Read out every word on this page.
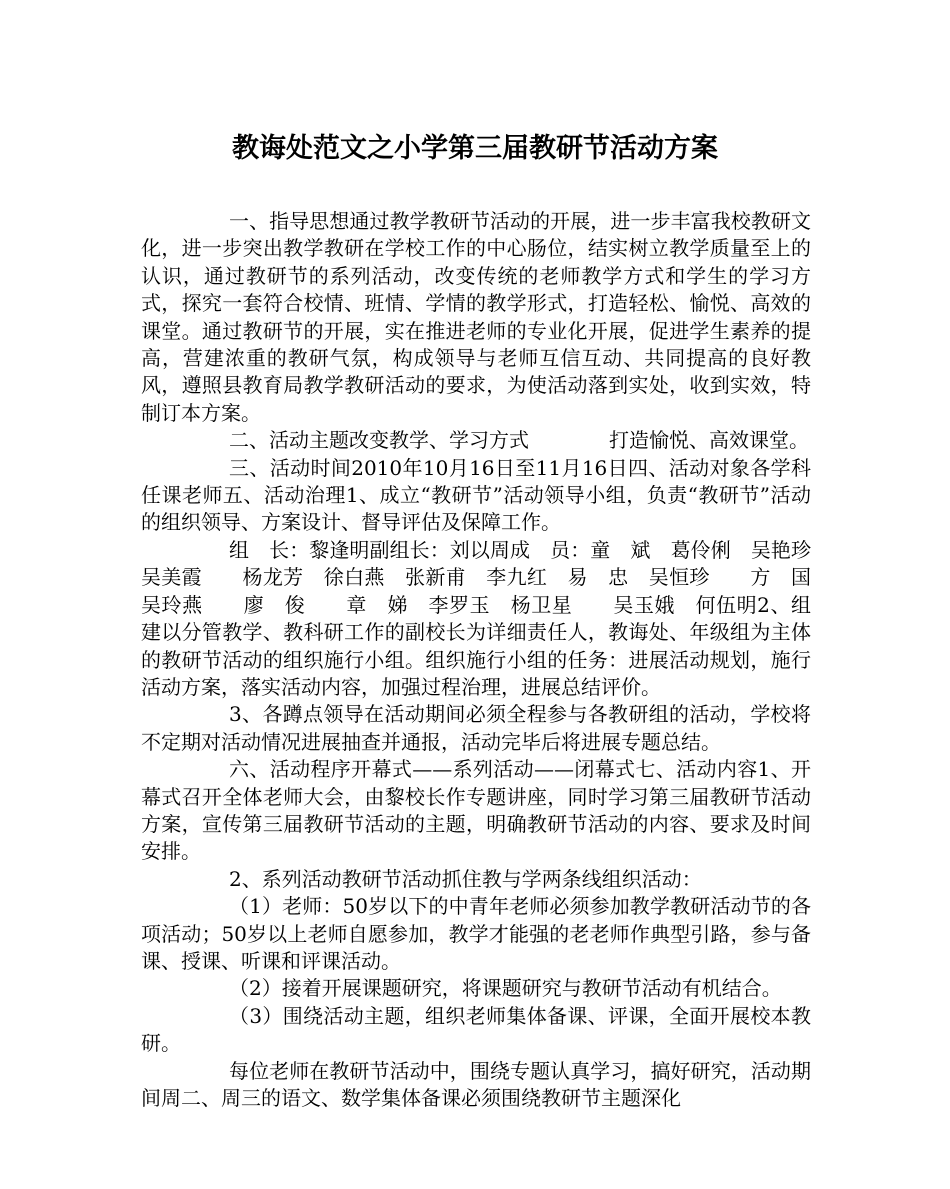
教诲处范文之小学第三届教研节活动方案

一、指导思想通过教学教研节活动的开展，进一步丰富我校教研文化，进一步突出教学教研在学校工作的中心肠位，结实树立教学质量至上的认识，通过教研节的系列活动，改变传统的老师教学方式和学生的学习方式，探究一套符合校情、班情、学情的教学形式，打造轻松、愉悦、高效的课堂。通过教研节的开展，实在推进老师的专业化开展，促进学生素养的提高，营建浓重的教研气氛，构成领导与老师互信互动、共同提高的良好教风，遵照县教育局教学教研活动的要求，为使活动落到实处，收到实效，特制订本方案。

二、活动主题改变教学、学习方式　　　　打造愉悦、高效课堂。

三、活动时间2010年10月16日至11月16日四、活动对象各学科任课老师五、活动治理1、成立“教研节”活动领导小组，负责“教研节”活动的组织领导、方案设计、督导评估及保障工作。

组　长：黎逢明副组长：刘以周成　员：童　斌　葛伶俐　吴艳珍　　吴美霞　　杨龙芳　徐白燕　张新甫　李九红　易　忠　吴恒珍　　方　国　吴玲燕　　廖　俊　　章　娣　李罗玉　杨卫星　　吴玉娥　何伍明2、组建以分管教学、教科研工作的副校长为详细责任人，教诲处、年级组为主体的教研节活动的组织施行小组。组织施行小组的任务：进展活动规划，施行活动方案，落实活动内容，加强过程治理，进展总结评价。

3、各蹲点领导在活动期间必须全程参与各教研组的活动，学校将不定期对活动情况进展抽查并通报，活动完毕后将进展专题总结。

六、活动程序开幕式——系列活动——闭幕式七、活动内容1、开幕式召开全体老师大会，由黎校长作专题讲座，同时学习第三届教研节活动方案，宣传第三届教研节活动的主题，明确教研节活动的内容、要求及时间安排。

2、系列活动教研节活动抓住教与学两条线组织活动：

（1）老师：50岁以下的中青年老师必须参加教学教研活动节的各项活动；50岁以上老师自愿参加，教学才能强的老老师作典型引路，参与备课、授课、听课和评课活动。

（2）接着开展课题研究，将课题研究与教研节活动有机结合。

（3）围绕活动主题，组织老师集体备课、评课，全面开展校本教研。

每位老师在教研节活动中，围绕专题认真学习，搞好研究，活动期间周二、周三的语文、数学集体备课必须围绕教研节主题深化
